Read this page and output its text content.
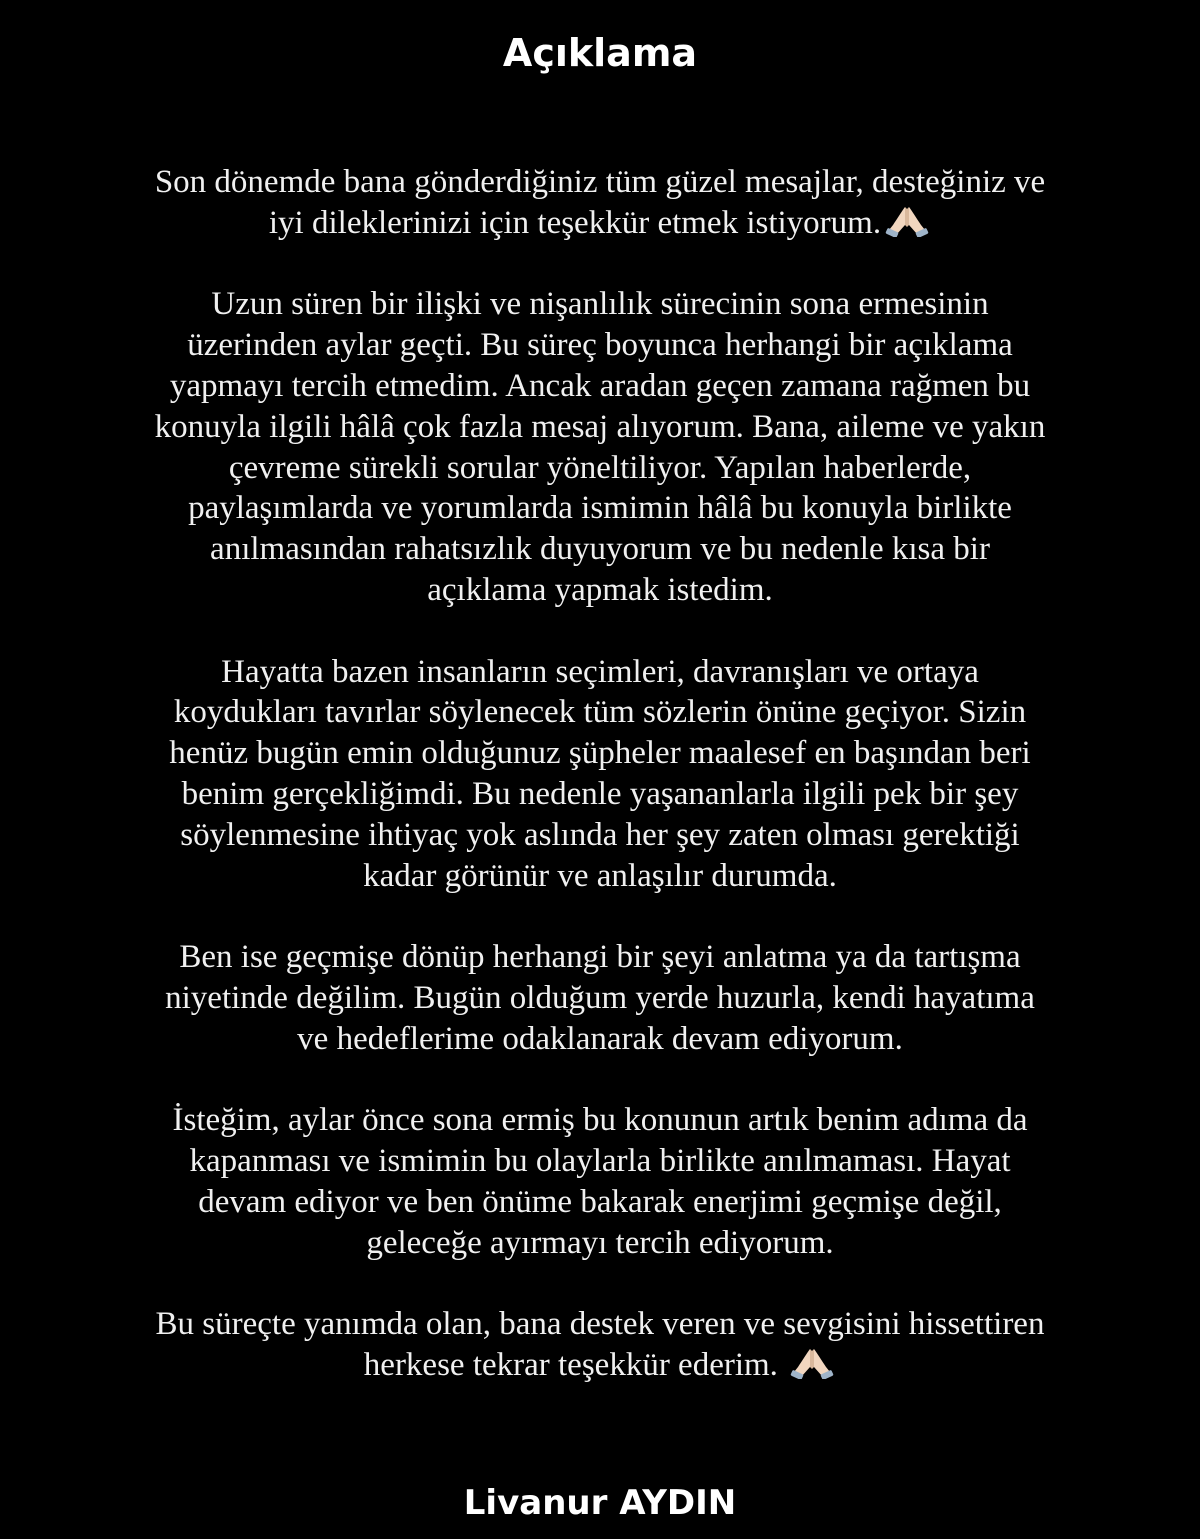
Açıklama

Son dönemde bana gönderdiğiniz tüm güzel mesajlar, desteğiniz ve
iyi dileklerinizi için teşekkür etmek istiyorum.

Uzun süren bir ilişki ve nişanlılık sürecinin sona ermesinin
üzerinden aylar geçti. Bu süreç boyunca herhangi bir açıklama
yapmayı tercih etmedim. Ancak aradan geçen zamana rağmen bu
konuyla ilgili hâlâ çok fazla mesaj alıyorum. Bana, aileme ve yakın
çevreme sürekli sorular yöneltiliyor. Yapılan haberlerde,
paylaşımlarda ve yorumlarda ismimin hâlâ bu konuyla birlikte
anılmasından rahatsızlık duyuyorum ve bu nedenle kısa bir
açıklama yapmak istedim.

Hayatta bazen insanların seçimleri, davranışları ve ortaya
koydukları tavırlar söylenecek tüm sözlerin önüne geçiyor. Sizin
henüz bugün emin olduğunuz şüpheler maalesef en başından beri
benim gerçekliğimdi. Bu nedenle yaşananlarla ilgili pek bir şey
söylenmesine ihtiyaç yok aslında her şey zaten olması gerektiği
kadar görünür ve anlaşılır durumda.

Ben ise geçmişe dönüp herhangi bir şeyi anlatma ya da tartışma
niyetinde değilim. Bugün olduğum yerde huzurla, kendi hayatıma
ve hedeflerime odaklanarak devam ediyorum.

İsteğim, aylar önce sona ermiş bu konunun artık benim adıma da
kapanması ve ismimin bu olaylarla birlikte anılmaması. Hayat
devam ediyor ve ben önüme bakarak enerjimi geçmişe değil,
geleceğe ayırmayı tercih ediyorum.

Bu süreçte yanımda olan, bana destek veren ve sevgisini hissettiren
herkese tekrar teşekkür ederim.

Livanur AYDIN
